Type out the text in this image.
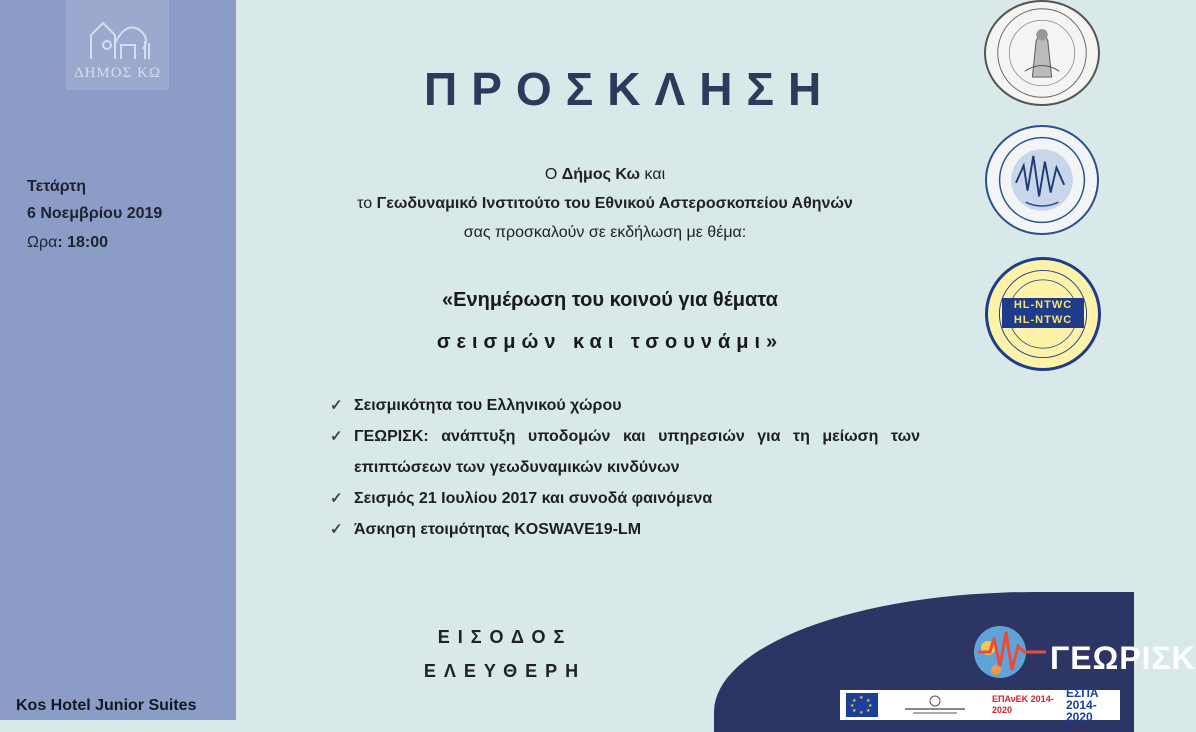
ΔΗΜΟΣ ΚΩ
Τετάρτη
6 Νοεμβρίου 2019
Ωρα: 18:00
Kos Hotel Junior Suites
ΠΡΟΣΚΛΗΣΗ
Ο Δήμος Κω και
το Γεωδυναμικό Ινστιτούτο του Εθνικού Αστεροσκοπείου Αθηνών
σας προσκαλούν σε εκδήλωση με θέμα:
«Ενημέρωση του κοινού για θέματα
σεισμών και τσουνάμι»
✓ Σεισμικότητα του Ελληνικού χώρου
✓ ΓΕΩΡΙΣΚ: ανάπτυξη υποδομών και υπηρεσιών για τη μείωση των επιπτώσεων των γεωδυναμικών κινδύνων
✓ Σεισμός 21 Ιουλίου 2017 και συνοδά φαινόμενα
✓ Άσκηση ετοιμότητας KOSWAVE19-LM
ΕΙΣΟΔΟΣ
ΕΛΕΥΘΕΡΗ
HL-NTWC
HL-NTWC
ΓΕΩΡΙΣΚ
★ ★
★
★
★
★
★
★	ΕΠΑνΕΚ 2014-2020
ΕΣΠΑ 2014-2020
